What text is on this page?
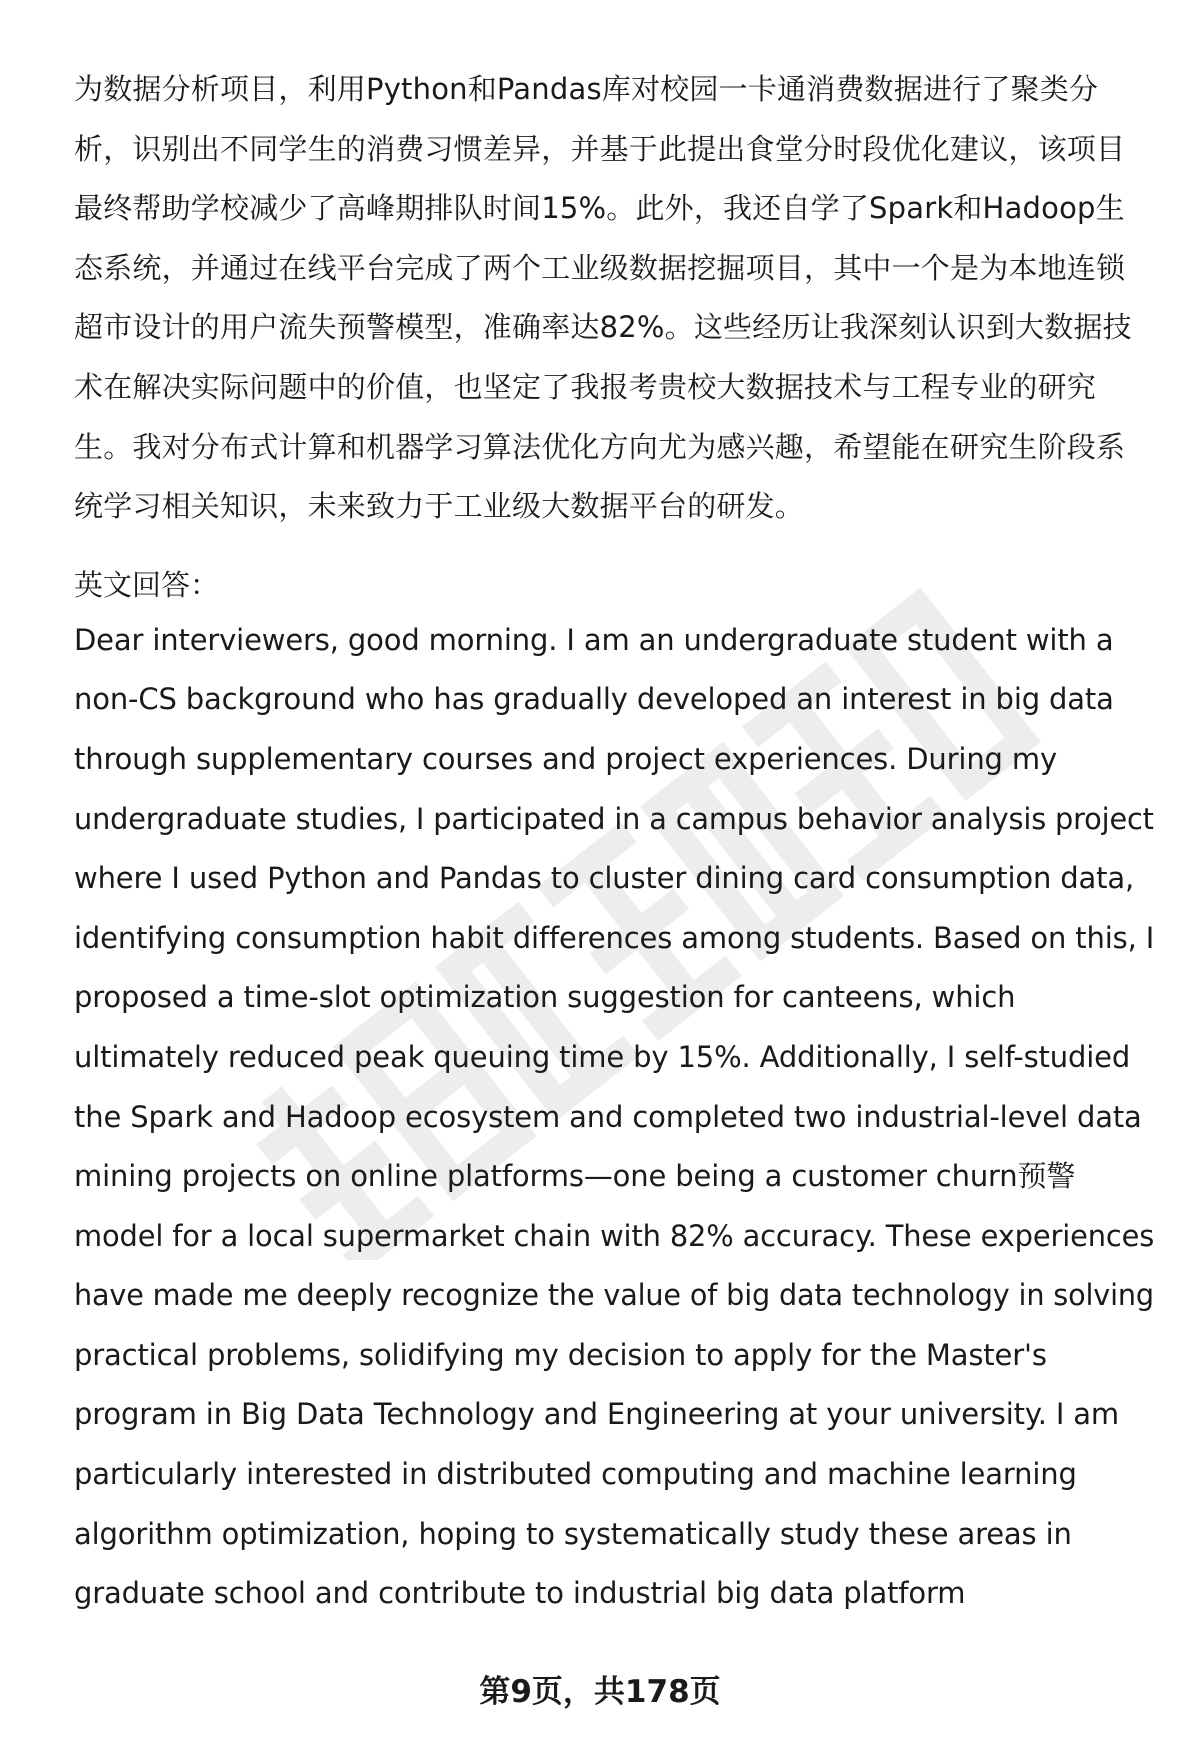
为数据分析项目，利用Python和Pandas库对校园一卡通消费数据进行了聚类分
析，识别出不同学生的消费习惯差异，并基于此提出食堂分时段优化建议，该项目
最终帮助学校减少了高峰期排队时间15%。此外，我还自学了Spark和Hadoop生
态系统，并通过在线平台完成了两个工业级数据挖掘项目，其中一个是为本地连锁
超市设计的用户流失预警模型，准确率达82%。这些经历让我深刻认识到大数据技
术在解决实际问题中的价值，也坚定了我报考贵校大数据技术与工程专业的研究
生。我对分布式计算和机器学习算法优化方向尤为感兴趣，希望能在研究生阶段系
统学习相关知识，未来致力于工业级大数据平台的研发。
英文回答：
Dear interviewers, good morning. I am an undergraduate student with a
non-CS background who has gradually developed an interest in big data
through supplementary courses and project experiences. During my
undergraduate studies, I participated in a campus behavior analysis project
where I used Python and Pandas to cluster dining card consumption data,
identifying consumption habit differences among students. Based on this, I
proposed a time-slot optimization suggestion for canteens, which
ultimately reduced peak queuing time by 15%. Additionally, I self-studied
the Spark and Hadoop ecosystem and completed two industrial-level data
mining projects on online platforms—one being a customer churn预警
model for a local supermarket chain with 82% accuracy. These experiences
have made me deeply recognize the value of big data technology in solving
practical problems, solidifying my decision to apply for the Master's
program in Big Data Technology and Engineering at your university. I am
particularly interested in distributed computing and machine learning
algorithm optimization, hoping to systematically study these areas in
graduate school and contribute to industrial big data platform
第9页，共178页
